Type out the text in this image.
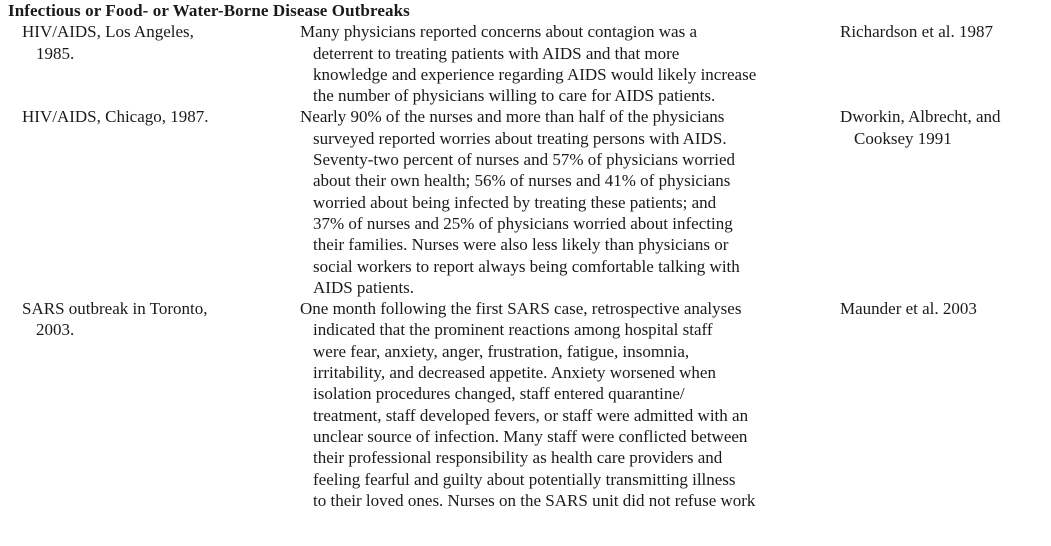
Infectious or Food- or Water-Borne Disease Outbreaks
HIV/AIDS, Los Angeles,
1985.
Many physicians reported concerns about contagion was a
deterrent to treating patients with AIDS and that more
knowledge and experience regarding AIDS would likely increase
the number of physicians willing to care for AIDS patients.
Richardson et al. 1987
HIV/AIDS, Chicago, 1987.	Nearly 90% of the nurses and more than half of the physicians
surveyed reported worries about treating persons with AIDS.
Seventy-two percent of nurses and 57% of physicians worried
about their own health; 56% of nurses and 41% of physicians
worried about being infected by treating these patients; and
37% of nurses and 25% of physicians worried about infecting
their families. Nurses were also less likely than physicians or
social workers to report always being comfortable talking with
AIDS patients.
Dworkin, Albrecht, and
Cooksey 1991
SARS outbreak in Toronto,
2003.
One month following the first SARS case, retrospective analyses
indicated that the prominent reactions among hospital staff
were fear, anxiety, anger, frustration, fatigue, insomnia,
irritability, and decreased appetite. Anxiety worsened when
isolation procedures changed, staff entered quarantine/
treatment, staff developed fevers, or staff were admitted with an
unclear source of infection. Many staff were conflicted between
their professional responsibility as health care providers and
feeling fearful and guilty about potentially transmitting illness
to their loved ones. Nurses on the SARS unit did not refuse work
Maunder et al. 2003
